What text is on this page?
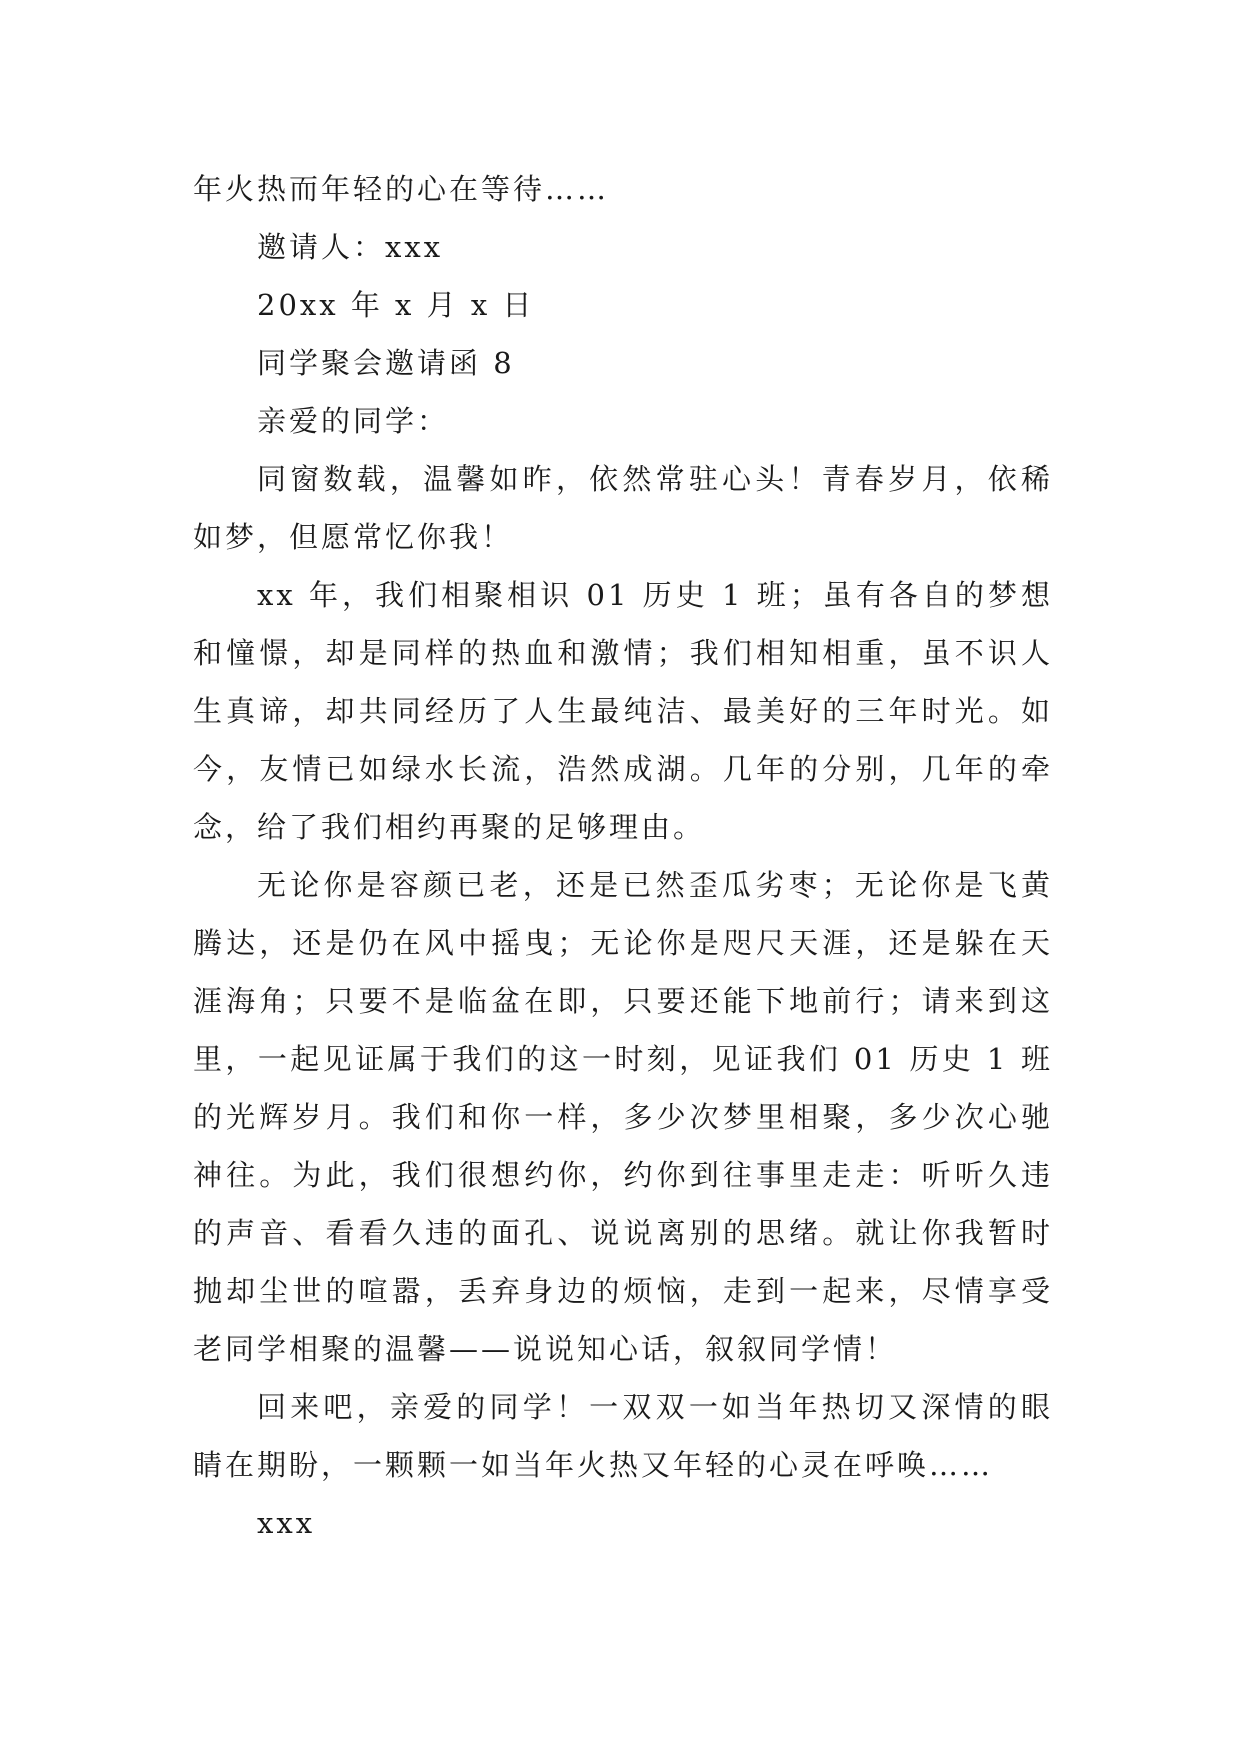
年火热而年轻的心在等待……
邀请人：xxx
20xx 年 x 月 x 日
同学聚会邀请函 8
亲爱的同学：

同窗数载，温馨如昨，依然常驻心头！青春岁月，依稀如梦，但愿常忆你我！

xx 年，我们相聚相识 01 历史 1 班；虽有各自的梦想和憧憬，却是同样的热血和激情；我们相知相重，虽不识人生真谛，却共同经历了人生最纯洁、最美好的三年时光。如今，友情已如绿水长流，浩然成湖。几年的分别，几年的牵念，给了我们相约再聚的足够理由。

无论你是容颜已老，还是已然歪瓜劣枣；无论你是飞黄腾达，还是仍在风中摇曳；无论你是咫尺天涯，还是躲在天涯海角；只要不是临盆在即，只要还能下地前行；请来到这里，一起见证属于我们的这一时刻，见证我们 01 历史 1 班的光辉岁月。我们和你一样，多少次梦里相聚，多少次心驰神往。为此，我们很想约你，约你到往事里走走：听听久违的声音、看看久违的面孔、说说离别的思绪。就让你我暂时抛却尘世的喧嚣，丢弃身边的烦恼，走到一起来，尽情享受老同学相聚的温馨——说说知心话，叙叙同学情！

回来吧，亲爱的同学！一双双一如当年热切又深情的眼睛在期盼，一颗颗一如当年火热又年轻的心灵在呼唤……

xxx
